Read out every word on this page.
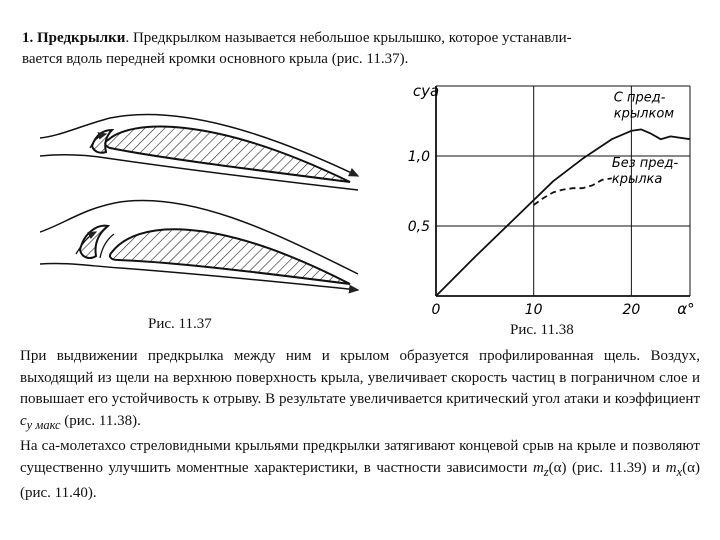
1. Предкрылки. Предкрылком называется небольшое крылышко, которое устанавли-
вается вдоль передней кромки основного крыла (рис. 11.37).

Рис. 11.37
0	10	20
0,5
1,0
cyа
α°
С пред-
крылком
Без пред-
крылка
Рис. 11.38

При выдвижении предкрылка между ним и крылом образуется профилированная щель. Воздух, выходящий из щели на верхнюю поверхность крыла, увеличивает скорость частиц в пограничном слое и повышает его устойчивость к отрыву. В результате увеличивается критический угол атаки и коэффициент $c_{y макс}$ (рис. 11.38).
На са-молетахсо стреловидными крыльями предкрылки затягивают концевой срыв на крыле и позволяют существенно улучшить моментные характеристики, в частности зависимости $m_z(\alpha)$ (рис. 11.39) и $m_x(\alpha)$ (рис. 11.40).
